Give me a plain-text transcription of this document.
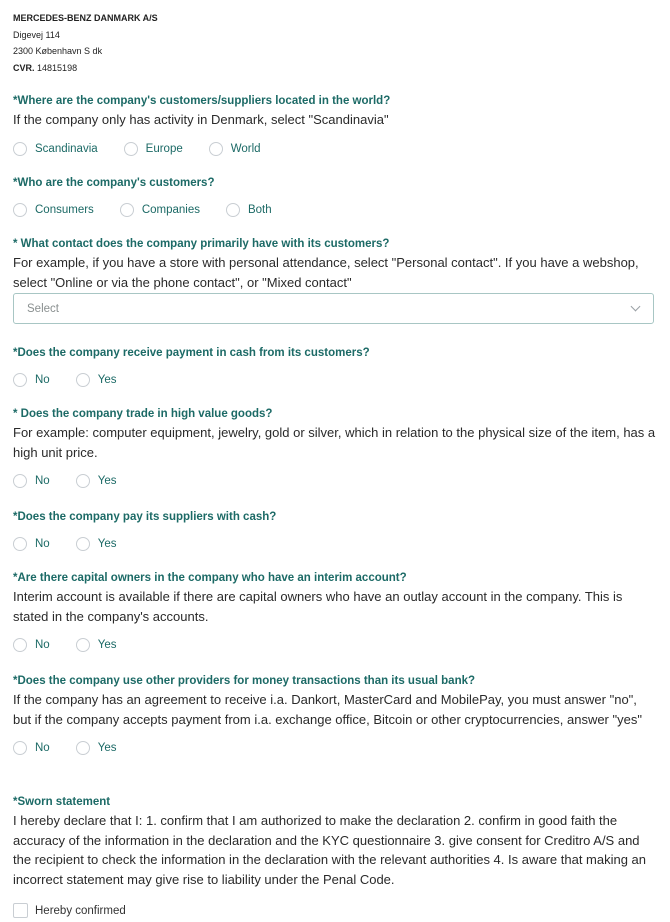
MERCEDES-BENZ DANMARK A/S
Digevej 114
2300 København S dk
CVR. 14815198
*Where are the company's customers/suppliers located in the world?
If the company only has activity in Denmark, select "Scandinavia"
Scandinavia	Europe	World
*Who are the company's customers?
Consumers	Companies	Both
* What contact does the company primarily have with its customers?
For example, if you have a store with personal attendance, select "Personal contact". If you have a webshop, select "Online or via the phone contact", or "Mixed contact"
Select
*Does the company receive payment in cash from its customers?
No	Yes
* Does the company trade in high value goods?
For example: computer equipment, jewelry, gold or silver, which in relation to the physical size of the item, has a high unit price.
No	Yes
*Does the company pay its suppliers with cash?
No	Yes
*Are there capital owners in the company who have an interim account?
Interim account is available if there are capital owners who have an outlay account in the company. This is stated in the company's accounts.
No	Yes
*Does the company use other providers for money transactions than its usual bank?
If the company has an agreement to receive i.a. Dankort, MasterCard and MobilePay, you must answer "no", but if the company accepts payment from i.a. exchange office, Bitcoin or other cryptocurrencies, answer "yes"
No	Yes
*Sworn statement
I hereby declare that I: 1. confirm that I am authorized to make the declaration 2. confirm in good faith the accuracy of the information in the declaration and the KYC questionnaire 3. give consent for Creditro A/S and the recipient to check the information in the declaration with the relevant authorities 4. Is aware that making an incorrect statement may give rise to liability under the Penal Code.
Hereby confirmed
